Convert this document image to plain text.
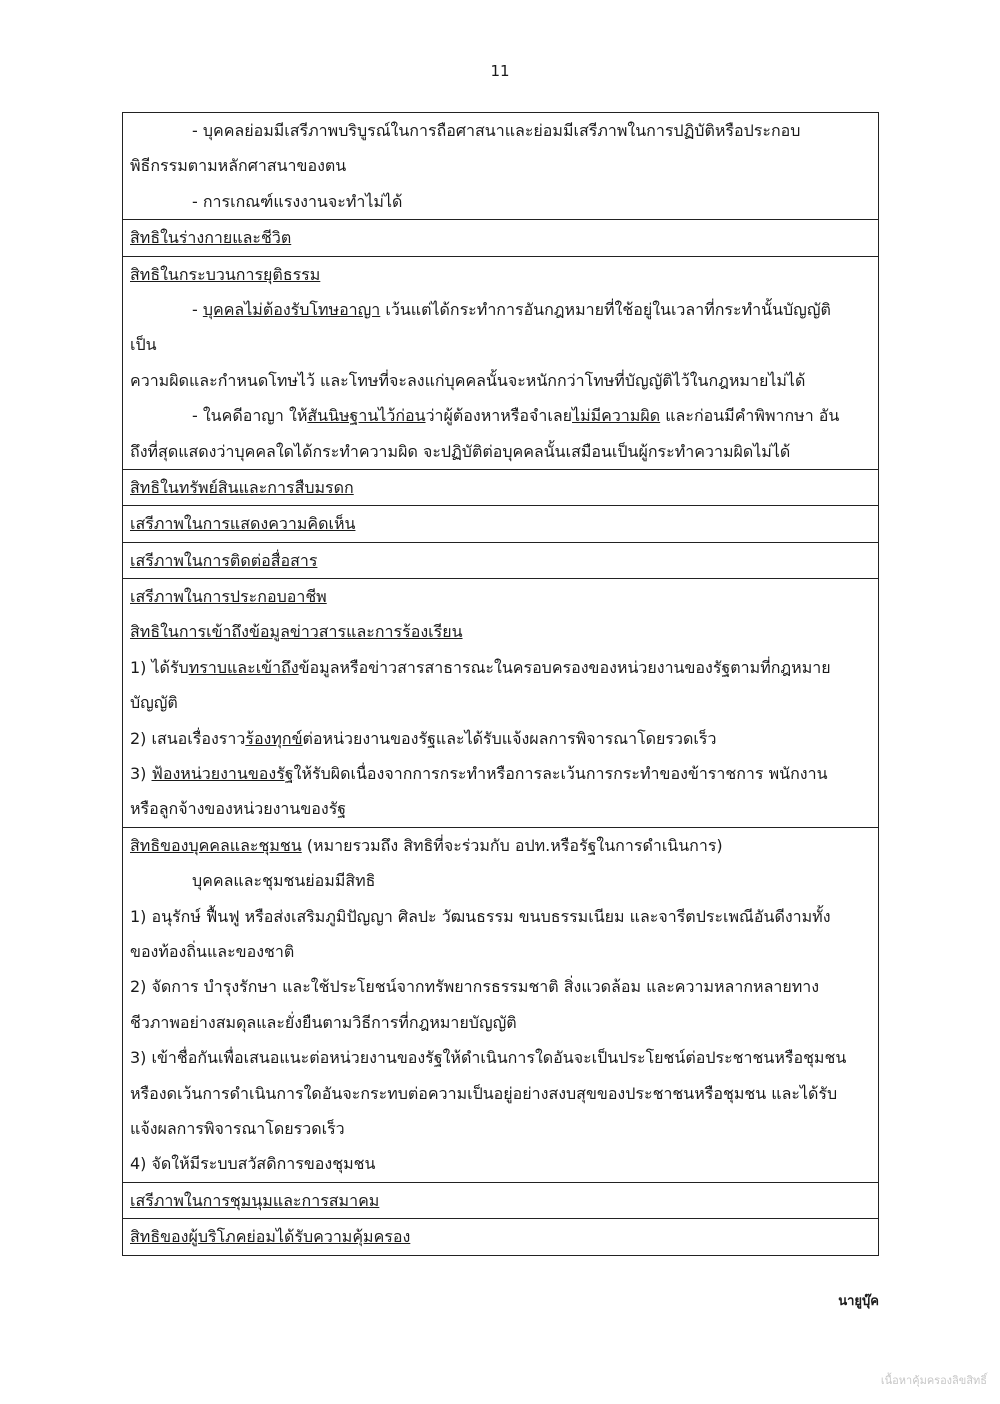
11
- บุคคลย่อมมีเสรีภาพบริบูรณ์ในการถือศาสนาและย่อมมีเสรีภาพในการปฏิบัติหรือประกอบ
พิธีกรรมตามหลักศาสนาของตน
- การเกณฑ์แรงงานจะทำไม่ได้
สิทธิในร่างกายและชีวิต
สิทธิในกระบวนการยุติธรรม
- บุคคลไม่ต้องรับโทษอาญา เว้นแต่ได้กระทำการอันกฎหมายที่ใช้อยู่ในเวลาที่กระทำนั้นบัญญัติ
เป็น
ความผิดและกำหนดโทษไว้ และโทษที่จะลงแก่บุคคลนั้นจะหนักกว่าโทษที่บัญญัติไว้ในกฎหมายไม่ได้
- ในคดีอาญา ให้สันนิษฐานไว้ก่อนว่าผู้ต้องหาหรือจำเลยไม่มีความผิด และก่อนมีคำพิพากษา อัน
ถึงที่สุดแสดงว่าบุคคลใดได้กระทำความผิด จะปฏิบัติต่อบุคคลนั้นเสมือนเป็นผู้กระทำความผิดไม่ได้
สิทธิในทรัพย์สินและการสืบมรดก
เสรีภาพในการแสดงความคิดเห็น
เสรีภาพในการติดต่อสื่อสาร
เสรีภาพในการประกอบอาชีพ
สิทธิในการเข้าถึงข้อมูลข่าวสารและการร้องเรียน
1) ได้รับทราบและเข้าถึงข้อมูลหรือข่าวสารสาธารณะในครอบครองของหน่วยงานของรัฐตามที่กฎหมาย
บัญญัติ
2) เสนอเรื่องราวร้องทุกข์ต่อหน่วยงานของรัฐและได้รับแจ้งผลการพิจารณาโดยรวดเร็ว
3) ฟ้องหน่วยงานของรัฐให้รับผิดเนื่องจากการกระทำหรือการละเว้นการกระทำของข้าราชการ พนักงาน
หรือลูกจ้างของหน่วยงานของรัฐ
สิทธิของบุคคลและชุมชน (หมายรวมถึง สิทธิที่จะร่วมกับ อปท.หรือรัฐในการดำเนินการ)
บุคคลและชุมชนย่อมมีสิทธิ
1) อนุรักษ์ ฟื้นฟู หรือส่งเสริมภูมิปัญญา ศิลปะ วัฒนธรรม ขนบธรรมเนียม และจารีตประเพณีอันดีงามทั้ง
ของท้องถิ่นและของชาติ
2) จัดการ บำรุงรักษา และใช้ประโยชน์จากทรัพยากรธรรมชาติ สิ่งแวดล้อม และความหลากหลายทาง
ชีวภาพอย่างสมดุลและยั่งยืนตามวิธีการที่กฎหมายบัญญัติ
3) เข้าชื่อกันเพื่อเสนอแนะต่อหน่วยงานของรัฐให้ดำเนินการใดอันจะเป็นประโยชน์ต่อประชาชนหรือชุมชน
หรืองดเว้นการดำเนินการใดอันจะกระทบต่อความเป็นอยู่อย่างสงบสุขของประชาชนหรือชุมชน และได้รับ
แจ้งผลการพิจารณาโดยรวดเร็ว
4) จัดให้มีระบบสวัสดิการของชุมชน
เสรีภาพในการชุมนุมและการสมาคม
สิทธิของผู้บริโภคย่อมได้รับความคุ้มครอง
นายูบุ๊ค
เนื้อหาคุ้มครองลิขสิทธิ์
